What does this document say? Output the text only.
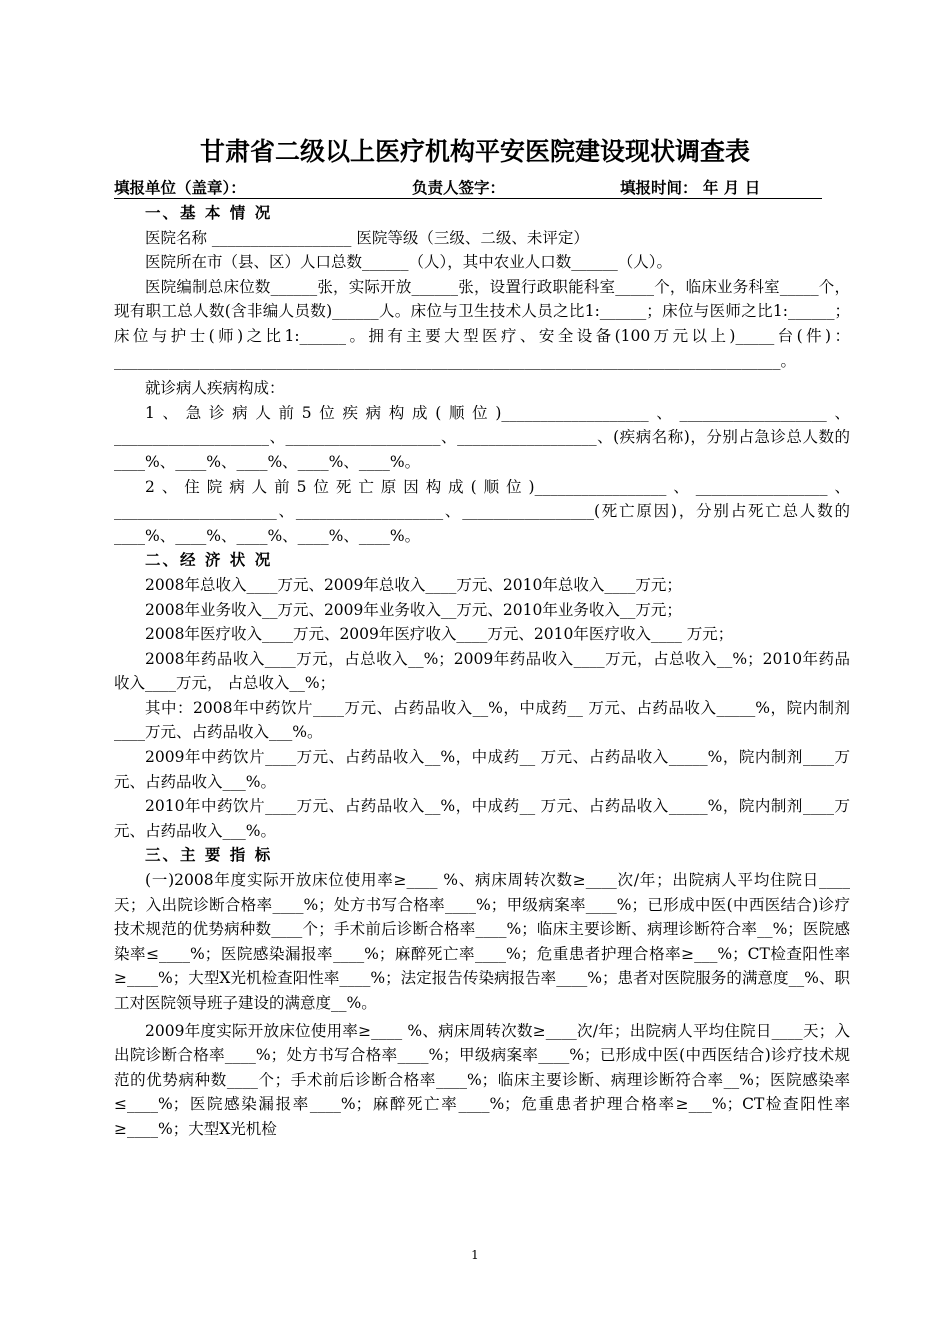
甘肃省二级以上医疗机构平安医院建设现状调查表
填报单位（盖章）：	负责人签字：	填报时间： 年 月 日

一、基 本 情 况

医院名称 __________________ 医院等级（三级、二级、未评定）

医院所在市（县、区）人口总数______（人），其中农业人口数______（人）。

医院编制总床位数______张，实际开放______张，设置行政职能科室_____个，临床业务科室_____个，现有职工总人数(含非编人员数)______人。床位与卫生技术人员之比1:______；床位与医师之比1:______；床位与护士(师)之比1:______。拥有主要大型医疗、安全设备(100万元以上)_____台(件)：______________________________________________________________________________________。

就诊病人疾病构成：

1、急诊病人前5位疾病构成(顺位)___________________、___________________、____________________、____________________、__________________、(疾病名称)，分别占急诊总人数的____%、____%、____%、____%、____%。

2、住院病人前5位死亡原因构成(顺位)_________________、_________________、_____________________、___________________、_________________(死亡原因)，分别占死亡总人数的____%、____%、____%、____%、____%。

二、经 济 状 况

2008年总收入____万元、2009年总收入____万元、2010年总收入____万元；

2008年业务收入__万元、2009年业务收入__万元、2010年业务收入__万元；

2008年医疗收入____万元、2009年医疗收入____万元、2010年医疗收入____ 万元；

2008年药品收入____万元，占总收入__%；2009年药品收入____万元，占总收入__%；2010年药品收入____万元， 占总收入__%；

其中：2008年中药饮片____万元、占药品收入__%，中成药__ 万元、占药品收入_____%，院内制剂____万元、占药品收入___%。

2009年中药饮片____万元、占药品收入__%，中成药__ 万元、占药品收入_____%，院内制剂____万元、占药品收入___%。

2010年中药饮片____万元、占药品收入__%，中成药__ 万元、占药品收入_____%，院内制剂____万元、占药品收入___%。

三、主 要 指 标

(一)2008年度实际开放床位使用率≥____ %、病床周转次数≥____次/年；出院病人平均住院日____天；入出院诊断合格率____%；处方书写合格率____%；甲级病案率____%；已形成中医(中西医结合)诊疗技术规范的优势病种数____个；手术前后诊断合格率____%；临床主要诊断、病理诊断符合率__%；医院感染率≤____%；医院感染漏报率____%；麻醉死亡率____%；危重患者护理合格率≥___%；CT检查阳性率≥____%；大型X光机检查阳性率____%；法定报告传染病报告率____%；患者对医院服务的满意度__%、职工对医院领导班子建设的满意度__%。

2009年度实际开放床位使用率≥____ %、病床周转次数≥____次/年；出院病人平均住院日____天；入出院诊断合格率____%；处方书写合格率____%；甲级病案率____%；已形成中医(中西医结合)诊疗技术规范的优势病种数____个；手术前后诊断合格率____%；临床主要诊断、病理诊断符合率__%；医院感染率≤____%；医院感染漏报率____%；麻醉死亡率____%；危重患者护理合格率≥___%；CT检查阳性率≥____%；大型X光机检

1
